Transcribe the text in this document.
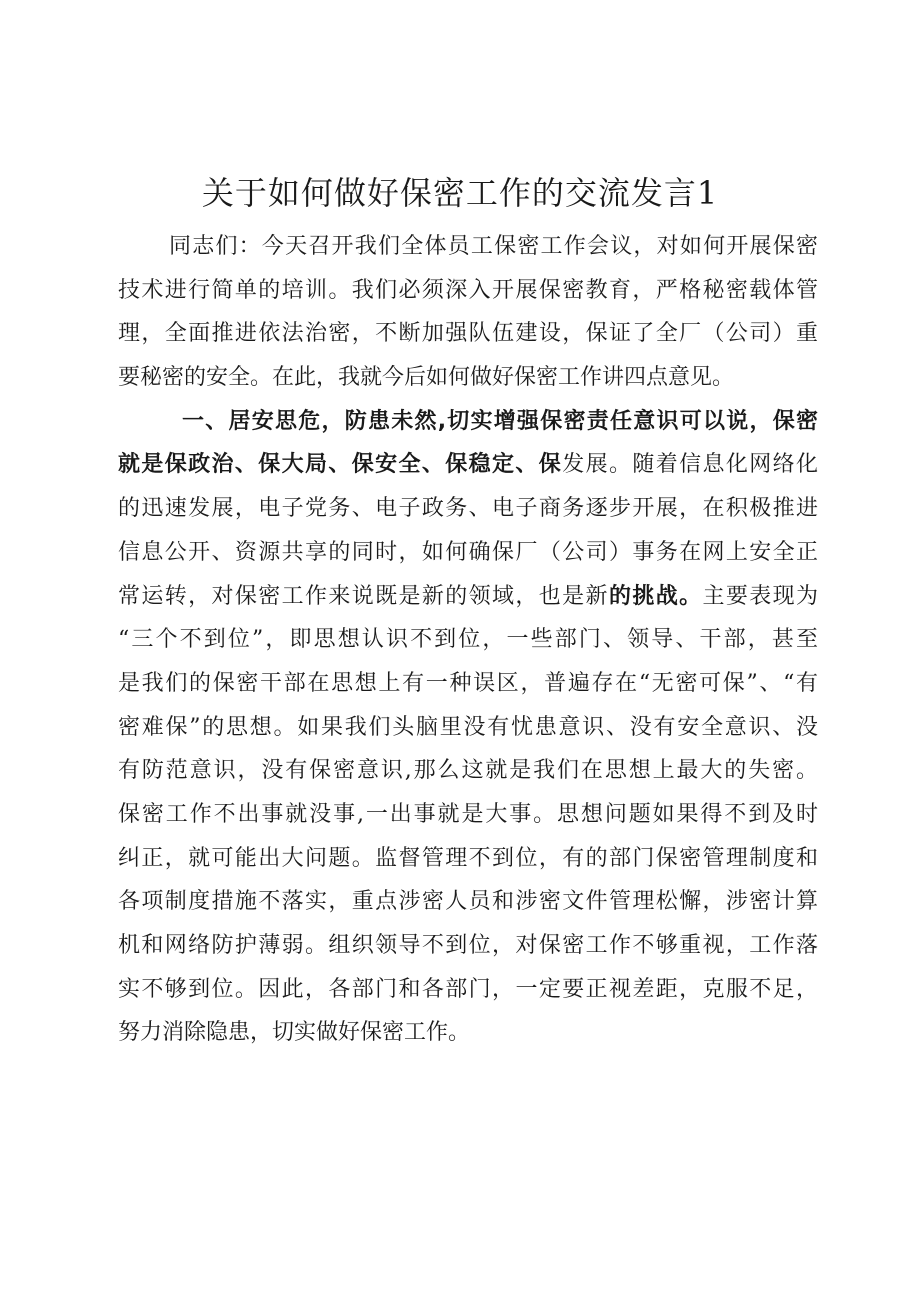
关于如何做好保密工作的交流发言1
同志们：今天召开我们全体员工保密工作会议，对如何开展保密
技术进行简单的培训。我们必须深入开展保密教育，严格秘密载体管
理，全面推进依法治密，不断加强队伍建设，保证了全厂（公司）重
要秘密的安全。在此，我就今后如何做好保密工作讲四点意见。
一、居安思危，防患未然,切实增强保密责任意识可以说，保密
就是保政治、保大局、保安全、保稳定、保发展。随着信息化网络化
的迅速发展，电子党务、电子政务、电子商务逐步开展，在积极推进
信息公开、资源共享的同时，如何确保厂（公司）事务在网上安全正
常运转，对保密工作来说既是新的领域，也是新的挑战。主要表现为
“三个不到位”，即思想认识不到位，一些部门、领导、干部，甚至
是我们的保密干部在思想上有一种误区，普遍存在“无密可保”、“有
密难保”的思想。如果我们头脑里没有忧患意识、没有安全意识、没
有防范意识，没有保密意识,那么这就是我们在思想上最大的失密。
保密工作不出事就没事,一出事就是大事。思想问题如果得不到及时
纠正，就可能出大问题。监督管理不到位，有的部门保密管理制度和
各项制度措施不落实，重点涉密人员和涉密文件管理松懈，涉密计算
机和网络防护薄弱。组织领导不到位，对保密工作不够重视，工作落
实不够到位。因此，各部门和各部门，一定要正视差距，克服不足，
努力消除隐患，切实做好保密工作。
